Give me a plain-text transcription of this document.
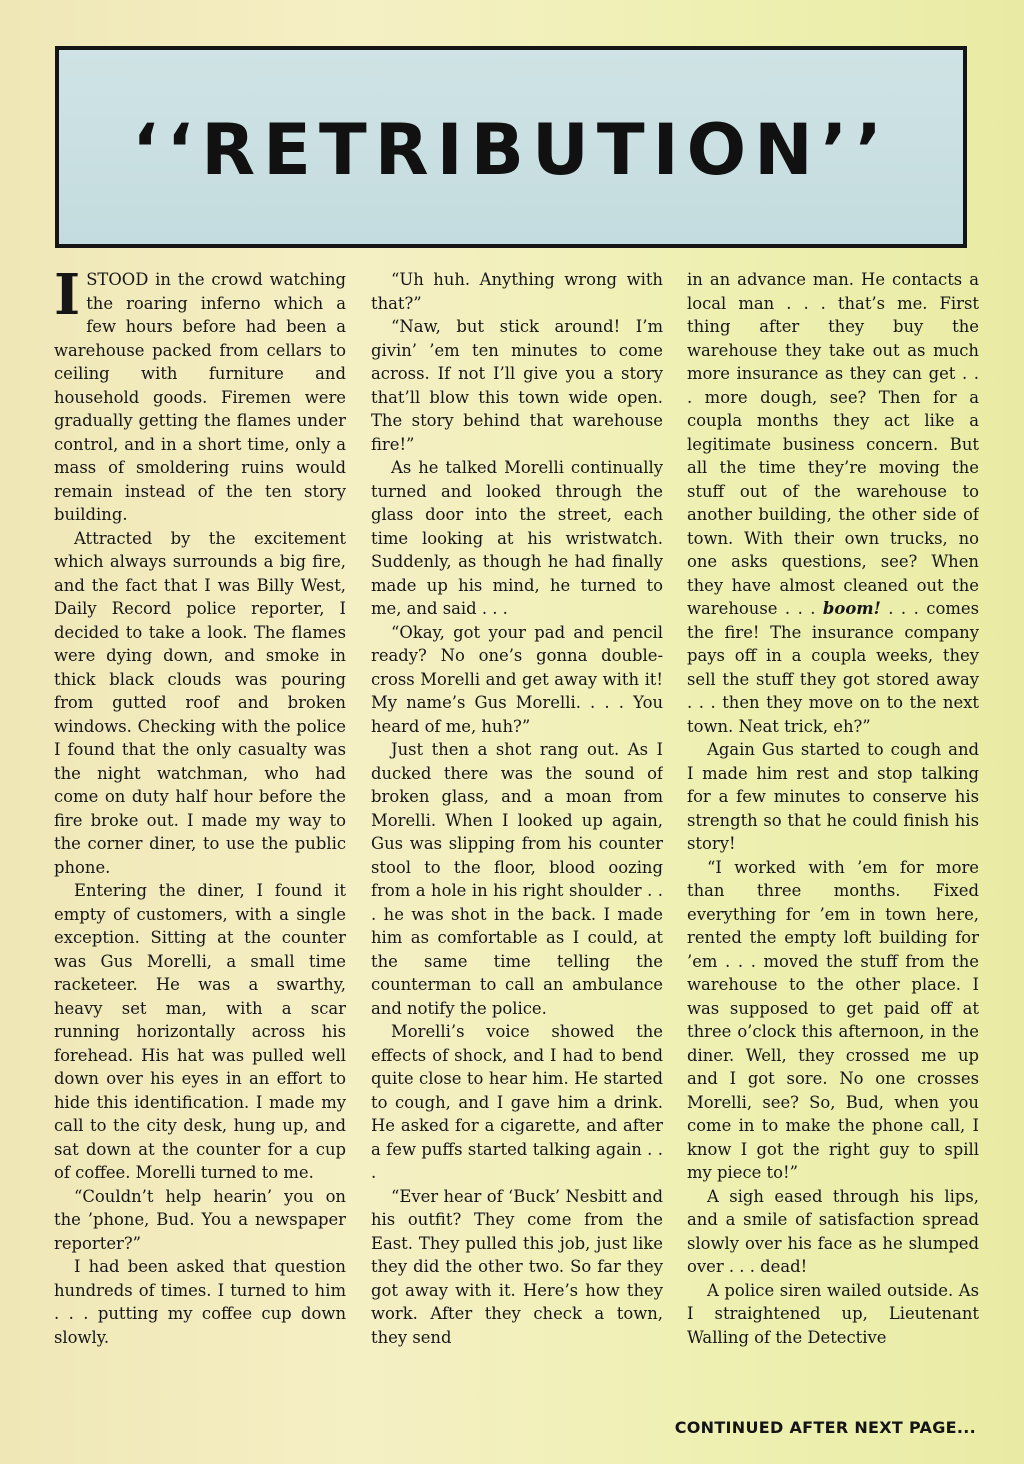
‘‘RETRIBUTION’’

ISTOOD in the crowd watching the roaring inferno which a few hours before had been a warehouse packed from cellars to ceiling with furniture and household goods. Firemen were gradually getting the flames under control, and in a short time, only a mass of smoldering ruins would remain instead of the ten story building.

Attracted by the excitement which always surrounds a big fire, and the fact that I was Billy West, Daily Record police reporter, I decided to take a look. The flames were dying down, and smoke in thick black clouds was pouring from gutted roof and broken windows. Checking with the police I found that the only casualty was the night watchman, who had come on duty half hour before the fire broke out. I made my way to the corner diner, to use the public phone.

Entering the diner, I found it empty of customers, with a single exception. Sitting at the counter was Gus Morelli, a small time racketeer. He was a swarthy, heavy set man, with a scar running horizontally across his forehead. His hat was pulled well down over his eyes in an effort to hide this identification. I made my call to the city desk, hung up, and sat down at the counter for a cup of coffee. Morelli turned to me.

“Couldn’t help hearin’ you on the ’phone, Bud. You a newspaper reporter?”

I had been asked that question hundreds of times. I turned to him . . . putting my coffee cup down slowly.

“Uh huh. Anything wrong with that?”

“Naw, but stick around! I’m givin’ ’em ten minutes to come across. If not I’ll give you a story that’ll blow this town wide open. The story behind that warehouse fire!”

As he talked Morelli continually turned and looked through the glass door into the street, each time looking at his wristwatch. Suddenly, as though he had finally made up his mind, he turned to me, and said . . .

“Okay, got your pad and pencil ready? No one’s gonna double-cross Morelli and get away with it! My name’s Gus Morelli. . . . You heard of me, huh?”

Just then a shot rang out. As I ducked there was the sound of broken glass, and a moan from Morelli. When I looked up again, Gus was slipping from his counter stool to the floor, blood oozing from a hole in his right shoulder . . . he was shot in the back. I made him as comfortable as I could, at the same time telling the counterman to call an ambulance and notify the police.

Morelli’s voice showed the effects of shock, and I had to bend quite close to hear him. He started to cough, and I gave him a drink. He asked for a cigarette, and after a few puffs started talking again . . .

“Ever hear of ‘Buck’ Nesbitt and his outfit? They come from the East. They pulled this job, just like they did the other two. So far they got away with it. Here’s how they work. After they check a town, they send

in an advance man. He contacts a local man . . . that’s me. First thing after they buy the warehouse they take out as much more insurance as they can get . . . more dough, see? Then for a coupla months they act like a legitimate business concern. But all the time they’re moving the stuff out of the warehouse to another building, the other side of town. With their own trucks, no one asks questions, see? When they have almost cleaned out the warehouse . . . boom! . . . comes the fire! The insurance company pays off in a coupla weeks, they sell the stuff they got stored away . . . then they move on to the next town. Neat trick, eh?”

Again Gus started to cough and I made him rest and stop talking for a few minutes to conserve his strength so that he could finish his story!

“I worked with ’em for more than three months. Fixed everything for ’em in town here, rented the empty loft building for ’em . . . moved the stuff from the warehouse to the other place. I was supposed to get paid off at three o’clock this afternoon, in the diner. Well, they crossed me up and I got sore. No one crosses Morelli, see? So, Bud, when you come in to make the phone call, I know I got the right guy to spill my piece to!”

A sigh eased through his lips, and a smile of satisfaction spread slowly over his face as he slumped over . . . dead!

A police siren wailed outside. As I straightened up, Lieutenant Walling of the Detective

CONTINUED AFTER NEXT PAGE...
